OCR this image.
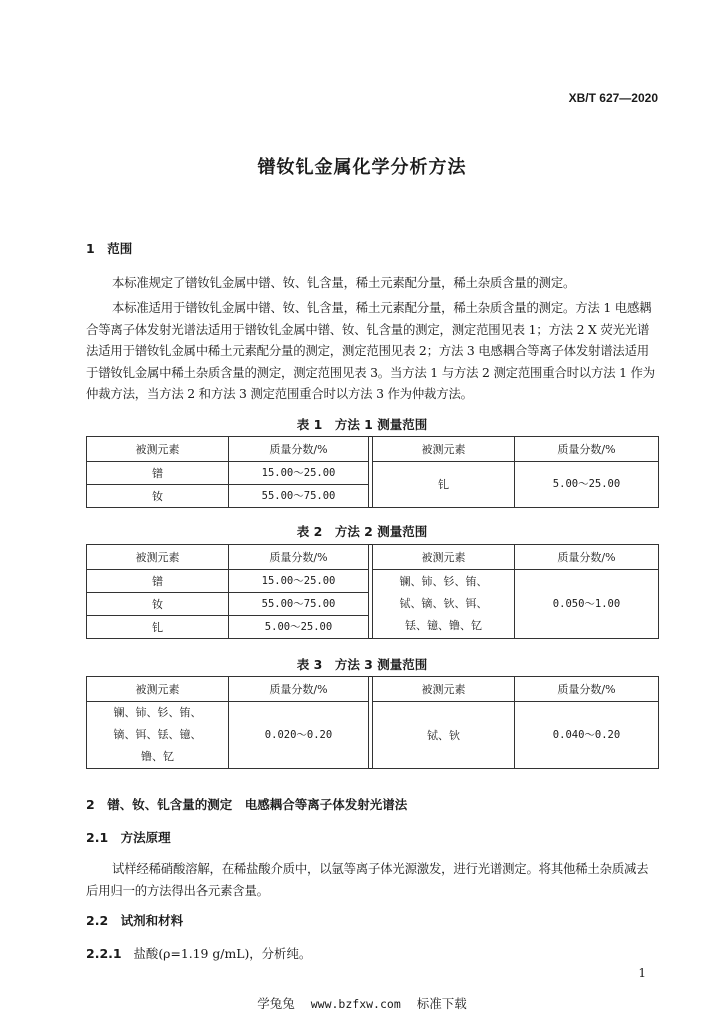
XB/T 627—2020
镨钕钆金属化学分析方法
1　范围
本标准规定了镨钕钆金属中镨、钕、钆含量，稀土元素配分量，稀土杂质含量的测定。
本标准适用于镨钕钆金属中镨、钕、钆含量，稀土元素配分量，稀土杂质含量的测定。方法 1 电感耦合等离子体发射光谱法适用于镨钕钆金属中镨、钕、钆含量的测定，测定范围见表 1；方法 2 X 荧光光谱法适用于镨钕钆金属中稀土元素配分量的测定，测定范围见表 2；方法 3 电感耦合等离子体发射谱法适用于镨钕钆金属中稀土杂质含量的测定，测定范围见表 3。当方法 1 与方法 2 测定范围重合时以方法 1 作为仲裁方法，当方法 2 和方法 3 测定范围重合时以方法 3 作为仲裁方法。
表 1　方法 1 测量范围
被测元素	质量分数/%		被测元素	质量分数/%
镨	15.00～25.00		钆	5.00～25.00
钕	55.00～75.00			
表 2　方法 2 测量范围
被测元素	质量分数/%		被测元素	质量分数/%
镨	15.00～25.00		镧、铈、钐、铕、
铽、镝、钬、铒、
铥、镱、镥、钇	0.050～1.00
钕	55.00～75.00			
钆	5.00～25.00			
表 3　方法 3 测量范围
被测元素	质量分数/%		被测元素	质量分数/%

镧、铈、钐、铕、
镝、铒、铥、镱、
镥、钇	0.020～0.20		铽、钬	0.040～0.20
2　镨、钕、钆含量的测定　电感耦合等离子体发射光谱法
2.1　方法原理
试样经稀硝酸溶解，在稀盐酸介质中，以氩等离子体光源激发，进行光谱测定。将其他稀土杂质减去后用归一的方法得出各元素含量。
2.2　试剂和材料
2.2.1 盐酸(ρ=1.19 g/mL)，分析纯。
1
学兔兔 www.bzfxw.com 标准下载
